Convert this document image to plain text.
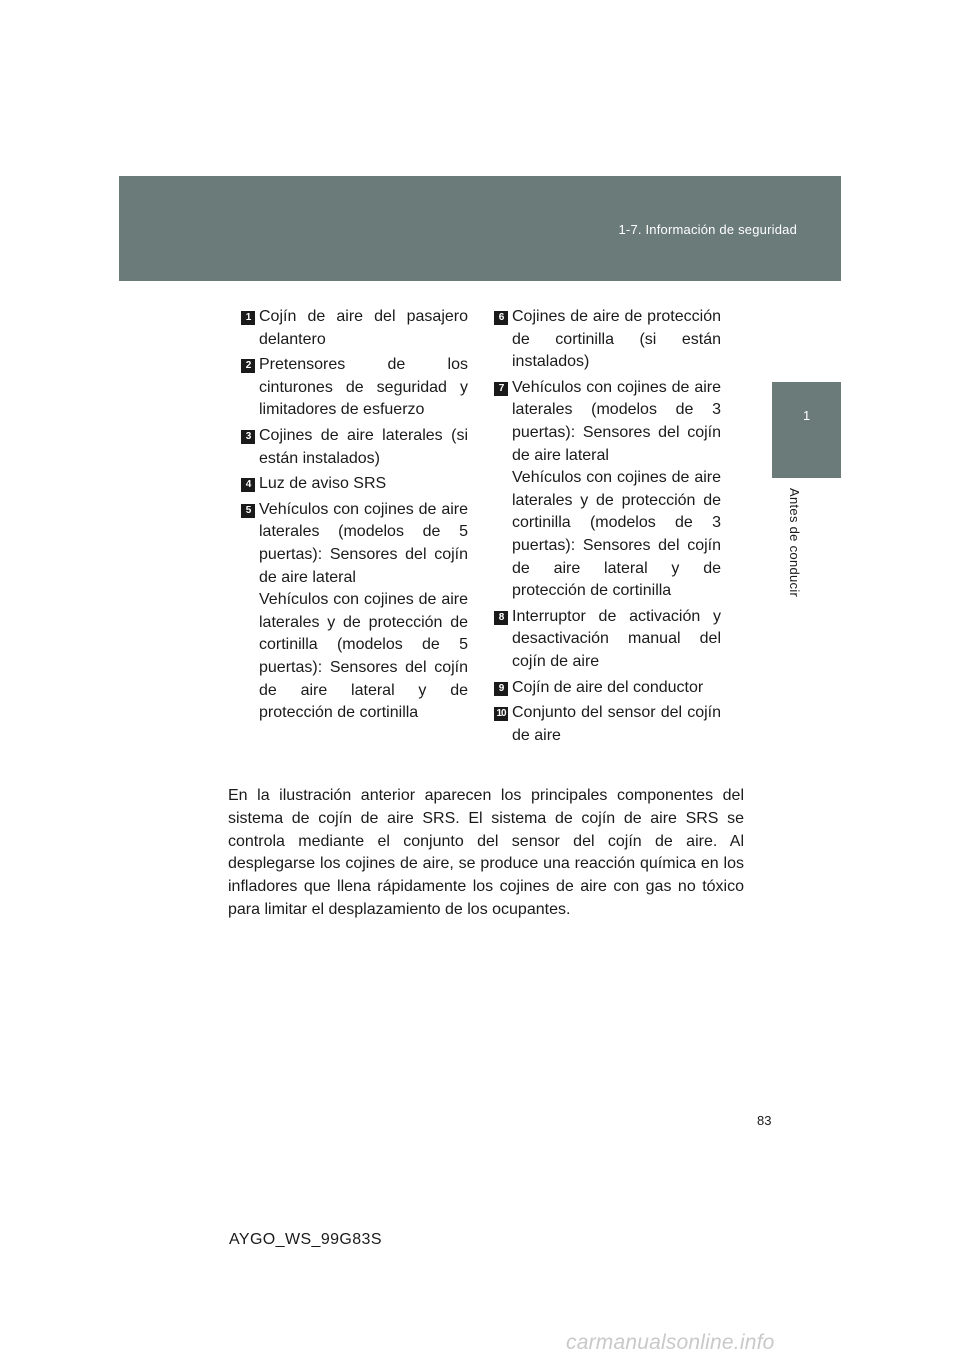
1-7. Información de seguridad
1
Antes de conducir
1 Cojín de aire del pasajero delantero

2 Pretensores de los cinturones de seguridad y limitadores de esfuerzo

3 Cojines de aire laterales (si están instalados)

4 Luz de aviso SRS

5 Vehículos con cojines de aire laterales (modelos de 5 puertas): Sensores del cojín de aire lateral

Vehículos con cojines de aire laterales y de protección de cortinilla (modelos de 5 puertas): Sensores del cojín de aire lateral y de protección de cortinilla

6 Cojines de aire de protección de cortinilla (si están instalados)

7 Vehículos con cojines de aire laterales (modelos de 3 puertas): Sensores del cojín de aire lateral

Vehículos con cojines de aire laterales y de protección de cortinilla (modelos de 3 puertas): Sensores del cojín de aire lateral y de protección de cortinilla

8 Interruptor de activación y desactivación manual del cojín de aire

9 Cojín de aire del conductor

10 Conjunto del sensor del cojín de aire

En la ilustración anterior aparecen los principales componentes del sistema de cojín de aire SRS. El sistema de cojín de aire SRS se controla mediante el conjunto del sensor del cojín de aire. Al desplegarse los cojines de aire, se produce una reacción química en los infladores que llena rápidamente los cojines de aire con gas no tóxico para limitar el desplazamiento de los ocupantes.

83
AYGO_WS_99G83S
carmanualsonline.info
